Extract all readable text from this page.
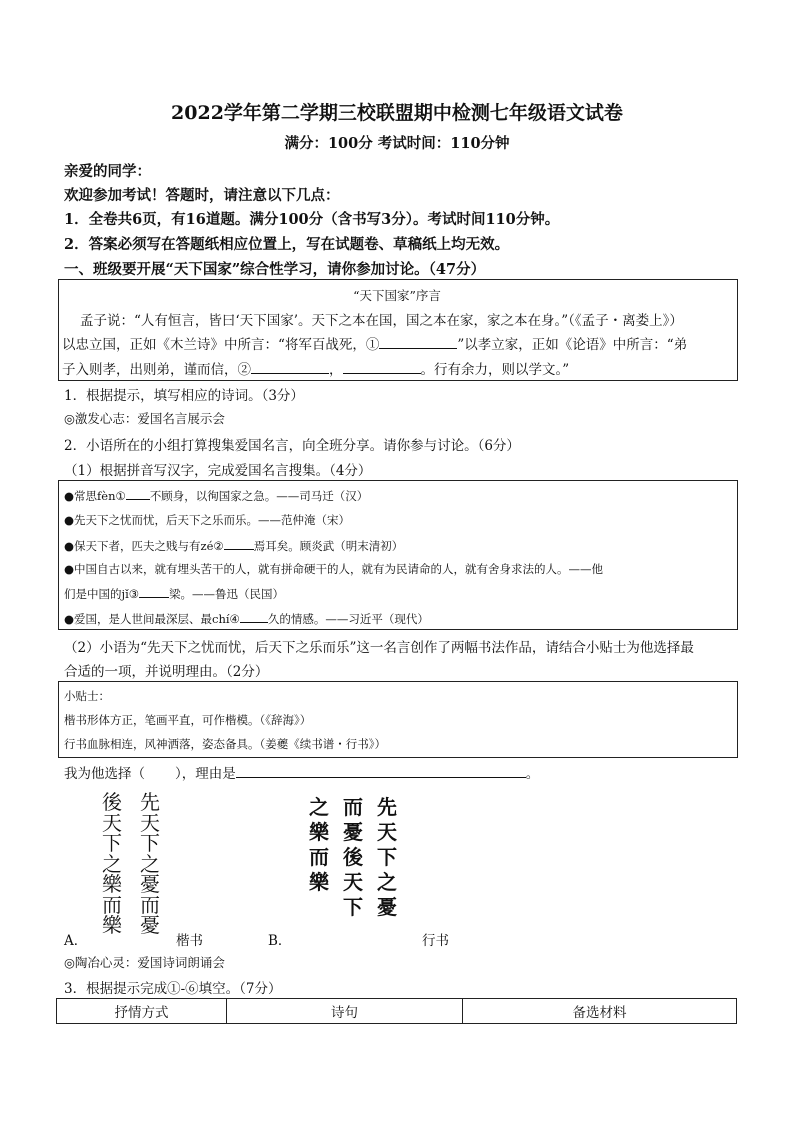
2022学年第二学期三校联盟期中检测七年级语文试卷
满分：100分 考试时间：110分钟
亲爱的同学：
欢迎参加考试！答题时，请注意以下几点：
1．全卷共6页，有16道题。满分100分（含书写3分）。考试时间110分钟。
2．答案必须写在答题纸相应位置上，写在试题卷、草稿纸上均无效。
一、班级要开展“天下国家”综合性学习，请你参加讨论。（47分）
“天下国家”序言
孟子说：“人有恒言，皆曰‘天下国家’。天下之本在国，国之本在家，家之本在身。”（《孟子・离娄上》）
以忠立国，正如《木兰诗》中所言：“将军百战死，①	”以孝立家，正如《论语》中所言：“弟
子入则孝，出则弟，谨而信，②	，	。行有余力，则以学文。”
1．根据提示，填写相应的诗词。（3分）
◎激发心志：爱国名言展示会
2．小语所在的小组打算搜集爱国名言，向全班分享。请你参与讨论。（6分）
（1）根据拼音写汉字，完成爱国名言搜集。（4分）
●常思fèn① 不顾身，以徇国家之急。——司马迁（汉）
●先天下之忧而忧，后天下之乐而乐。——范仲淹（宋）
●保天下者，匹夫之贱与有zé②	焉耳矣。顾炎武（明末清初）
●中国自古以来，就有埋头苦干的人，就有拼命硬干的人，就有为民请命的人，就有舍身求法的人。——他
们是中国的jǐ③	梁。——鲁迅（民国）
●爱国，是人世间最深层、最chí④ 久的情感。——习近平（现代）
（2）小语为“先天下之忧而忧，后天下之乐而乐”这一名言创作了两幅书法作品，请结合小贴士为他选择最
合适的一项，并说明理由。（2分）
小贴士：
楷书形体方正，笔画平直，可作楷模。（《辞海》）
行书血脉相连，风神洒落，姿态备具。（姜夔《续书谱・行书》）
我为他选择（ ），理由是	。
後
天
下
之
樂
而
樂
先
天
下
之
憂
而
憂
之
樂
而
樂

而
憂
後
天
下
先
天
下
之
憂
A．	楷书	B．	行书
◎陶冶心灵：爱国诗词朗诵会
3．根据提示完成①-⑥填空。（7分）
抒情方式	诗句	备选材料
